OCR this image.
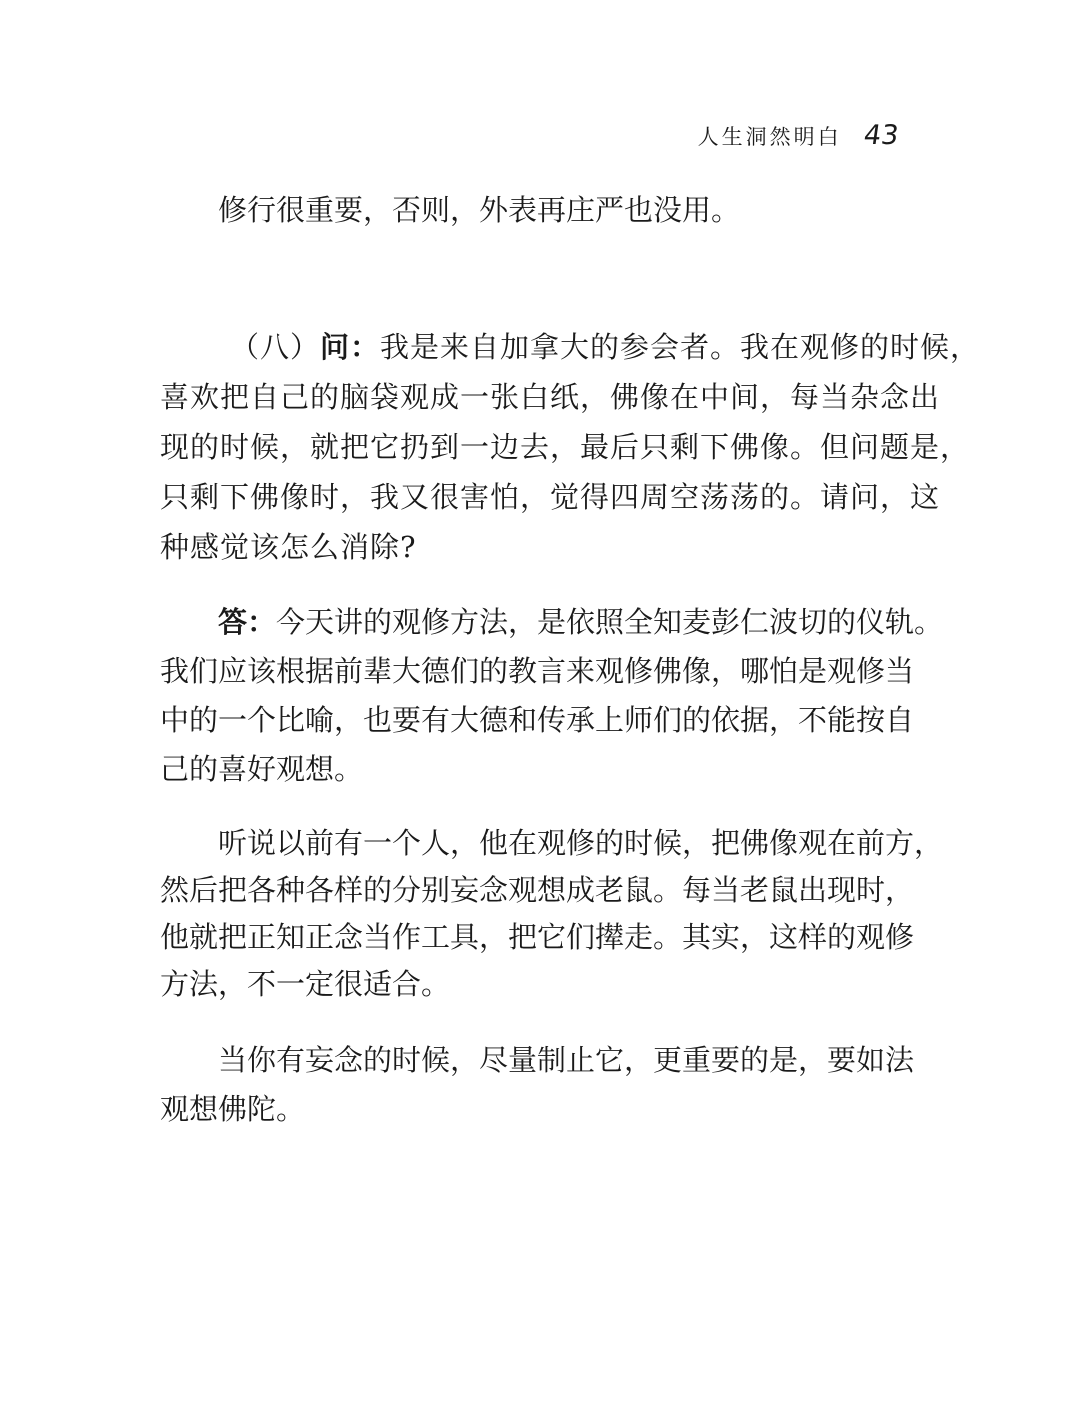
人生洞然明白 43
修行很重要，否则，外表再庄严也没用。
（八）问：我是来自加拿大的参会者。我在观修的时候，
喜欢把自己的脑袋观成一张白纸，佛像在中间，每当杂念出
现的时候，就把它扔到一边去，最后只剩下佛像。但问题是，
只剩下佛像时，我又很害怕，觉得四周空荡荡的。请问，这
种感觉该怎么消除?
答：今天讲的观修方法，是依照全知麦彭仁波切的仪轨。
我们应该根据前辈大德们的教言来观修佛像，哪怕是观修当
中的一个比喻，也要有大德和传承上师们的依据，不能按自
己的喜好观想。
听说以前有一个人，他在观修的时候，把佛像观在前方，
然后把各种各样的分别妄念观想成老鼠。每当老鼠出现时，
他就把正知正念当作工具，把它们撵走。其实，这样的观修
方法，不一定很适合。
当你有妄念的时候，尽量制止它，更重要的是，要如法
观想佛陀。
